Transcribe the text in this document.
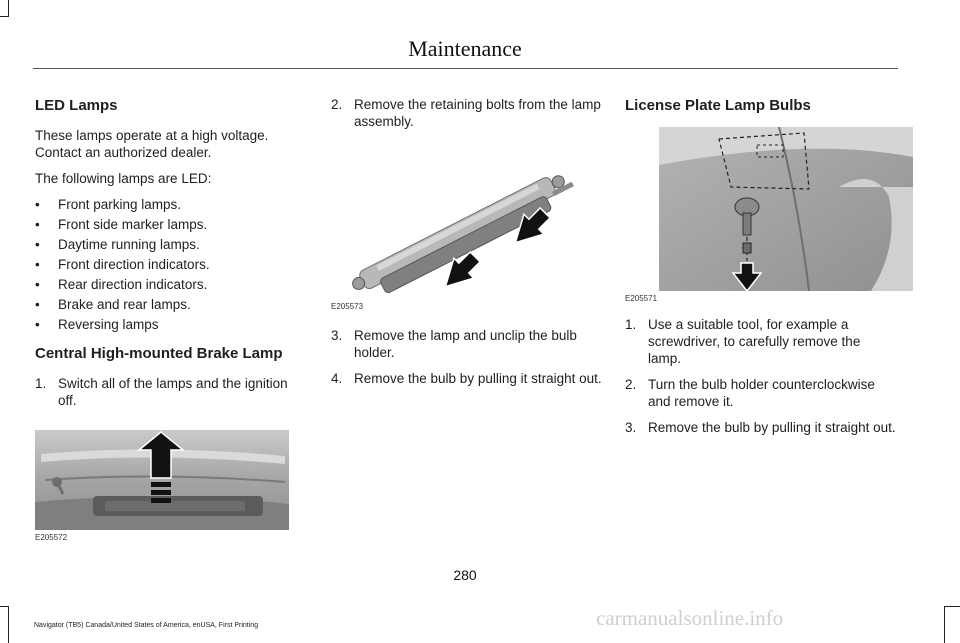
Maintenance
LED Lamps

These lamps operate at a high voltage. Contact an authorized dealer.

The following lamps are LED:

• Front parking lamps.
• Front side marker lamps.
• Daytime running lamps.
• Front direction indicators.
• Rear direction indicators.
• Brake and rear lamps.
• Reversing lamps
Central High-mounted Brake Lamp
1. Switch all of the lamps and the ignition off.
E205572
2. Remove the retaining bolts from the lamp assembly.
E205573
3. Remove the lamp and unclip the bulb holder.
4. Remove the bulb by pulling it straight out.
License Plate Lamp Bulbs
E205571
1. Use a suitable tool, for example a screwdriver, to carefully remove the lamp.
2. Turn the bulb holder counterclockwise and remove it.
3. Remove the bulb by pulling it straight out.
280
Navigator (TB5) Canada/United States of America, enUSA, First Printing	carmanualsonline.info
